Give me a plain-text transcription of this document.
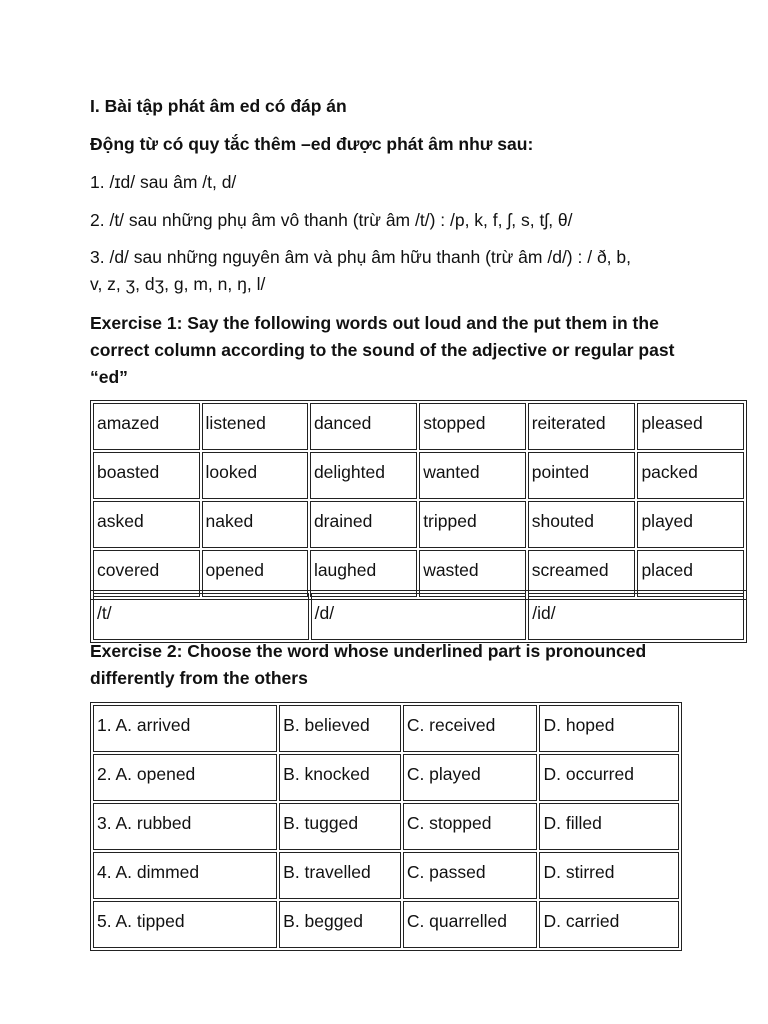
I. Bài tập phát âm ed có đáp án
Động từ có quy tắc thêm –ed được phát âm như sau:
1. /ɪd/ sau âm /t, d/
2. /t/ sau những phụ âm vô thanh (trừ âm /t/) : /p, k, f, ʃ, s, tʃ, θ/
3. /d/ sau những nguyên âm và phụ âm hữu thanh (trừ âm /d/) : / ð, b,
v, z, ʒ, dʒ, g, m, n, ŋ, l/
Exercise 1: Say the following words out loud and the put them in the
correct column according to the sound of the adjective or regular past
“ed”
amazed	listened	danced	stopped	reiterated	pleased
boasted	looked	delighted	wanted	pointed	packed
asked	naked	drained	tripped	shouted	played
covered	opened	laughed	wasted	screamed	placed
/t/	/d/	/id/
Exercise 2: Choose the word whose underlined part is pronounced
differently from the others
1. A. arrived	B. believed	C. received	D. hoped
2. A. opened	B. knocked	C. played	D. occurred
3. A. rubbed	B. tugged	C. stopped	D. filled
4. A. dimmed	B. travelled	C. passed	D. stirred
5. A. tipped	B. begged	C. quarrelled	D. carried
